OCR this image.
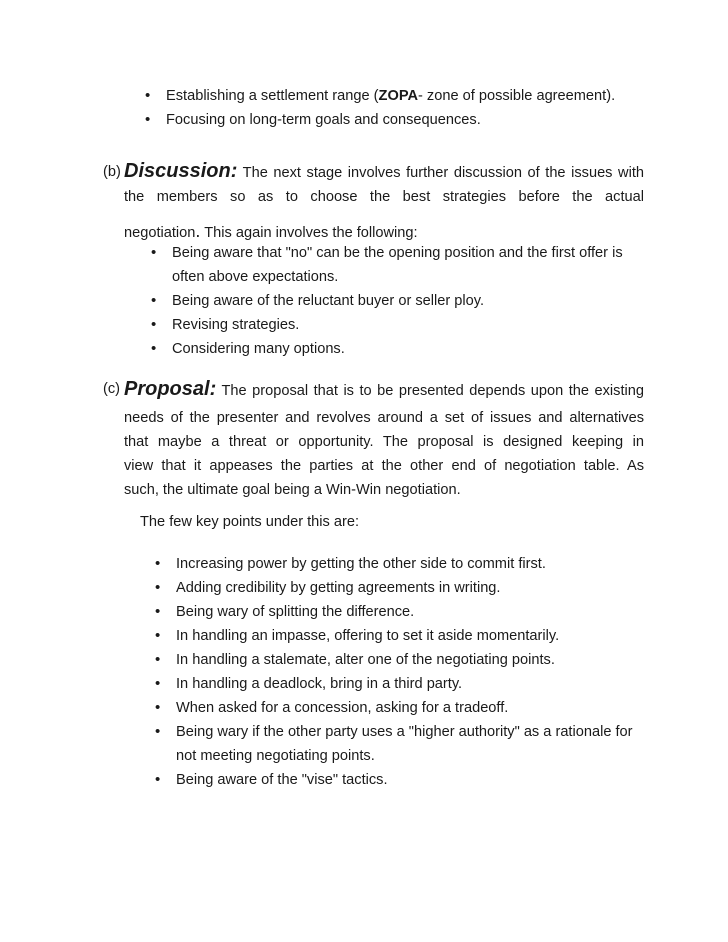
• Establishing a settlement range (ZOPA- zone of possible agreement).
• Focusing on long-term goals and consequences.
(b) Discussion: The next stage involves further discussion of the issues with
the members so as to choose the best strategies before the actual
negotiation. This again involves the following:
• Being aware that "no" can be the opening position and the first offer is often above expectations.
• Being aware of the reluctant buyer or seller ploy.
• Revising strategies.
• Considering many options.
(c) Proposal: The proposal that is to be presented depends upon the existing
needs of the presenter and revolves around a set of issues and alternatives
that maybe a threat or opportunity. The proposal is designed keeping in
view that it appeases the parties at the other end of negotiation table. As
such, the ultimate goal being a Win-Win negotiation.
The few key points under this are:
• Increasing power by getting the other side to commit first.
• Adding credibility by getting agreements in writing.
• Being wary of splitting the difference.
• In handling an impasse, offering to set it aside momentarily.
• In handling a stalemate, alter one of the negotiating points.
• In handling a deadlock, bring in a third party.
• When asked for a concession, asking for a tradeoff.
• Being wary if the other party uses a "higher authority" as a rationale for not meeting negotiating points.
• Being aware of the "vise" tactics.
